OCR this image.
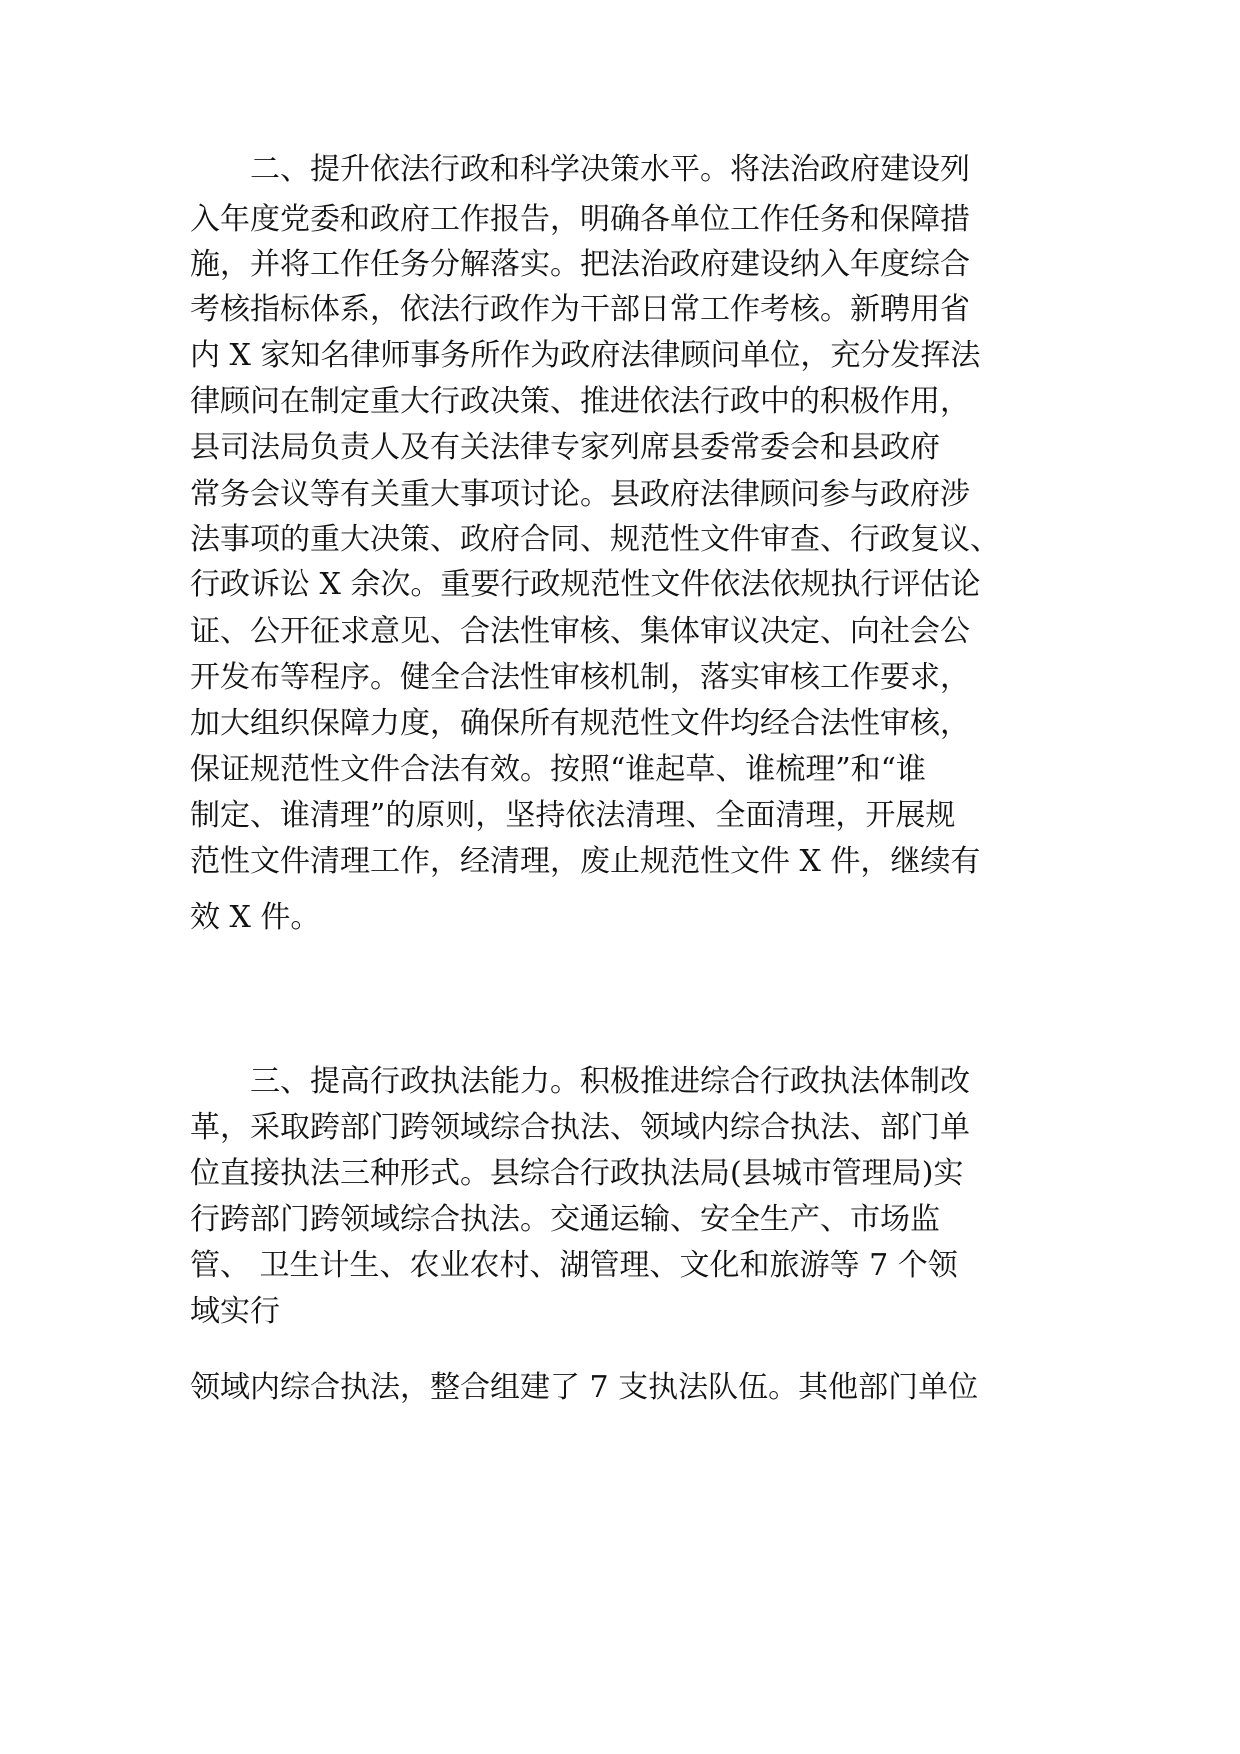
二、提升依法行政和科学决策水平。将法治政府建设列
入年度党委和政府工作报告，明确各单位工作任务和保障措
施，并将工作任务分解落实。把法治政府建设纳入年度综合
考核指标体系，依法行政作为干部日常工作考核。新聘用省
内 X 家知名律师事务所作为政府法律顾问单位，充分发挥法
律顾问在制定重大行政决策、推进依法行政中的积极作用，
县司法局负责人及有关法律专家列席县委常委会和县政府
常务会议等有关重大事项讨论。县政府法律顾问参与政府涉
法事项的重大决策、政府合同、规范性文件审查、行政复议、
行政诉讼 X 余次。重要行政规范性文件依法依规执行评估论
证、公开征求意见、合法性审核、集体审议决定、向社会公
开发布等程序。健全合法性审核机制，落实审核工作要求，
加大组织保障力度，确保所有规范性文件均经合法性审核，
保证规范性文件合法有效。按照“谁起草、谁梳理”和“谁
制定、谁清理”的原则，坚持依法清理、全面清理，开展规
范性文件清理工作，经清理，废止规范性文件 X 件，继续有
效 X 件。
三、提高行政执法能力。积极推进综合行政执法体制改
革，采取跨部门跨领域综合执法、领域内综合执法、部门单
位直接执法三种形式。县综合行政执法局(县城市管理局)实
行跨部门跨领域综合执法。交通运输、安全生产、市场监
管、 卫生计生、农业农村、湖管理、文化和旅游等 7 个领
域实行
领域内综合执法，整合组建了 7 支执法队伍。其他部门单位
